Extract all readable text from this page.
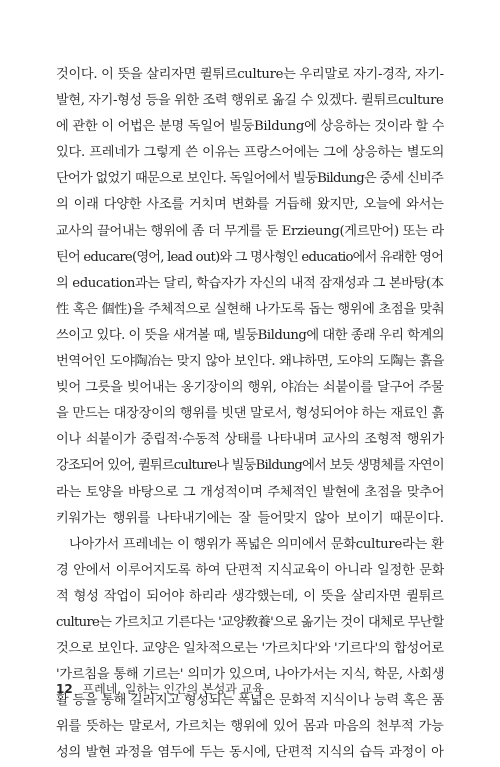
것이다. 이 뜻을 살리자면 퀼튀르culture는 우리말로 자기-경작, 자기-
발현, 자기-형성 등을 위한 조력 행위로 옮길 수 있겠다. 퀼튀르culture
에 관한 이 어법은 분명 독일어 빌둥Bildung에 상응하는 것이라 할 수
있다. 프레네가 그렇게 쓴 이유는 프랑스어에는 그에 상응하는 별도의
단어가 없었기 때문으로 보인다. 독일어에서 빌둥Bildung은 중세 신비주
의 이래 다양한 사조를 거치며 변화를 거듭해 왔지만, 오늘에 와서는
교사의 끌어내는 행위에 좀 더 무게를 둔 Erzieung(게르만어) 또는 라
틴어 educare(영어, lead out)와 그 명사형인 educatio에서 유래한 영어
의 education과는 달리, 학습자가 자신의 내적 잠재성과 그 본바탕(本
性 혹은 個性)을 주체적으로 실현해 나가도록 돕는 행위에 초점을 맞춰
쓰이고 있다. 이 뜻을 새겨볼 때, 빌둥Bildung에 대한 종래 우리 학계의
번역어인 도야陶冶는 맞지 않아 보인다. 왜냐하면, 도야의 도陶는 흙을
빚어 그릇을 빚어내는 옹기장이의 행위, 야冶는 쇠붙이를 달구어 주물
을 만드는 대장장이의 행위를 빗댄 말로서, 형성되어야 하는 재료인 흙
이나 쇠붙이가 중립적·수동적 상태를 나타내며 교사의 조형적 행위가
강조되어 있어, 퀼튀르culture나 빌둥Bildung에서 보듯 생명체를 자연이
라는 토양을 바탕으로 그 개성적이며 주체적인 발현에 초점을 맞추어
키워가는 행위를 나타내기에는 잘 들어맞지 않아 보이기 때문이다.
나아가서 프레네는 이 행위가 폭넓은 의미에서 문화culture라는 환
경 안에서 이루어지도록 하여 단편적 지식교육이 아니라 일정한 문화
적 형성 작업이 되어야 하리라 생각했는데, 이 뜻을 살리자면 퀼튀르
culture는 가르치고 기른다는 '교양敎養'으로 옮기는 것이 대체로 무난할
것으로 보인다. 교양은 일차적으로는 '가르치다'와 '기르다'의 합성어로
'가르침을 통해 기르는' 의미가 있으며, 나아가서는 지식, 학문, 사회생
활 등을 통해 길러지고 형성되는 폭넓은 문화적 지식이나 능력 혹은 품
위를 뜻하는 말로서, 가르치는 행위에 있어 몸과 마음의 천부적 가능
성의 발현 과정을 염두에 두는 동시에, 단편적 지식의 습득 과정이 아
12 프레네, 일하는 인간의 본성과 교육
